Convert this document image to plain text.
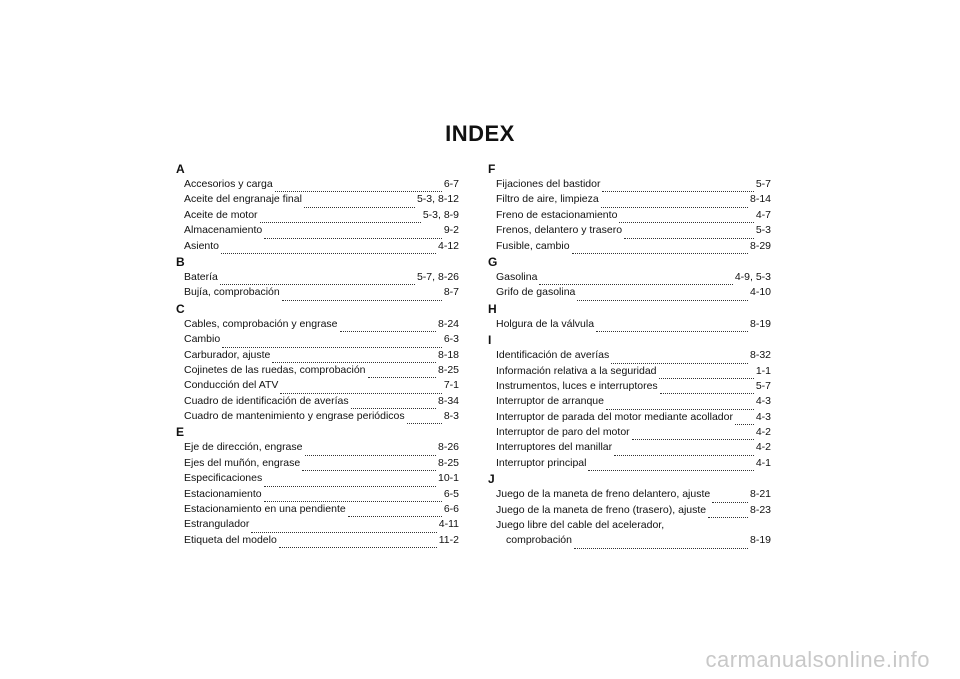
INDEX
A
Accesorios y carga	6-7
Aceite del engranaje final	5-3, 8-12
Aceite de motor	5-3, 8-9
Almacenamiento	9-2
Asiento	4-12
B
Batería	5-7, 8-26
Bujía, comprobación	8-7
C
Cables, comprobación y engrase	8-24
Cambio	6-3
Carburador, ajuste	8-18
Cojinetes de las ruedas, comprobación	8-25
Conducción del ATV	7-1
Cuadro de identificación de averías	8-34
Cuadro de mantenimiento y engrase periódicos	8-3
E
Eje de dirección, engrase	8-26
Ejes del muñón, engrase	8-25
Especificaciones	10-1
Estacionamiento	6-5
Estacionamiento en una pendiente	6-6
Estrangulador	4-11
Etiqueta del modelo	11-2
F
Fijaciones del bastidor	5-7
Filtro de aire, limpieza	8-14
Freno de estacionamiento	4-7
Frenos, delantero y trasero	5-3
Fusible, cambio	8-29
G
Gasolina	4-9, 5-3
Grifo de gasolina	4-10
H
Holgura de la válvula	8-19
I
Identificación de averías	8-32
Información relativa a la seguridad	1-1
Instrumentos, luces e interruptores	5-7
Interruptor de arranque	4-3
Interruptor de parada del motor mediante acollador 4-3
Interruptor de paro del motor	4-2
Interruptores del manillar	4-2
Interruptor principal	4-1
J
Juego de la maneta de freno delantero, ajuste	8-21
Juego de la maneta de freno (trasero), ajuste	8-23
Juego libre del cable del acelerador,
comprobación	8-19
carmanualsonline.info
